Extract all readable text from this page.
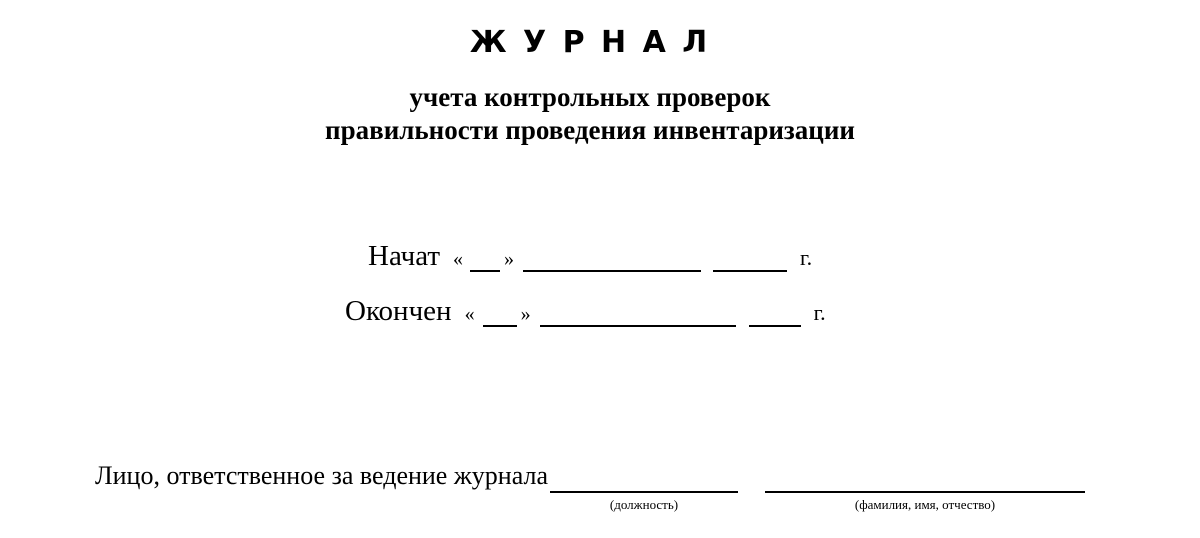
Ж У Р Н А Л
учета контрольных проверок
правильности проведения инвентаризации
Начат « »	г.
Окончен « »	г.
Лицо, ответственное за ведение журнала
(должность)	(фамилия, имя, отчество)
